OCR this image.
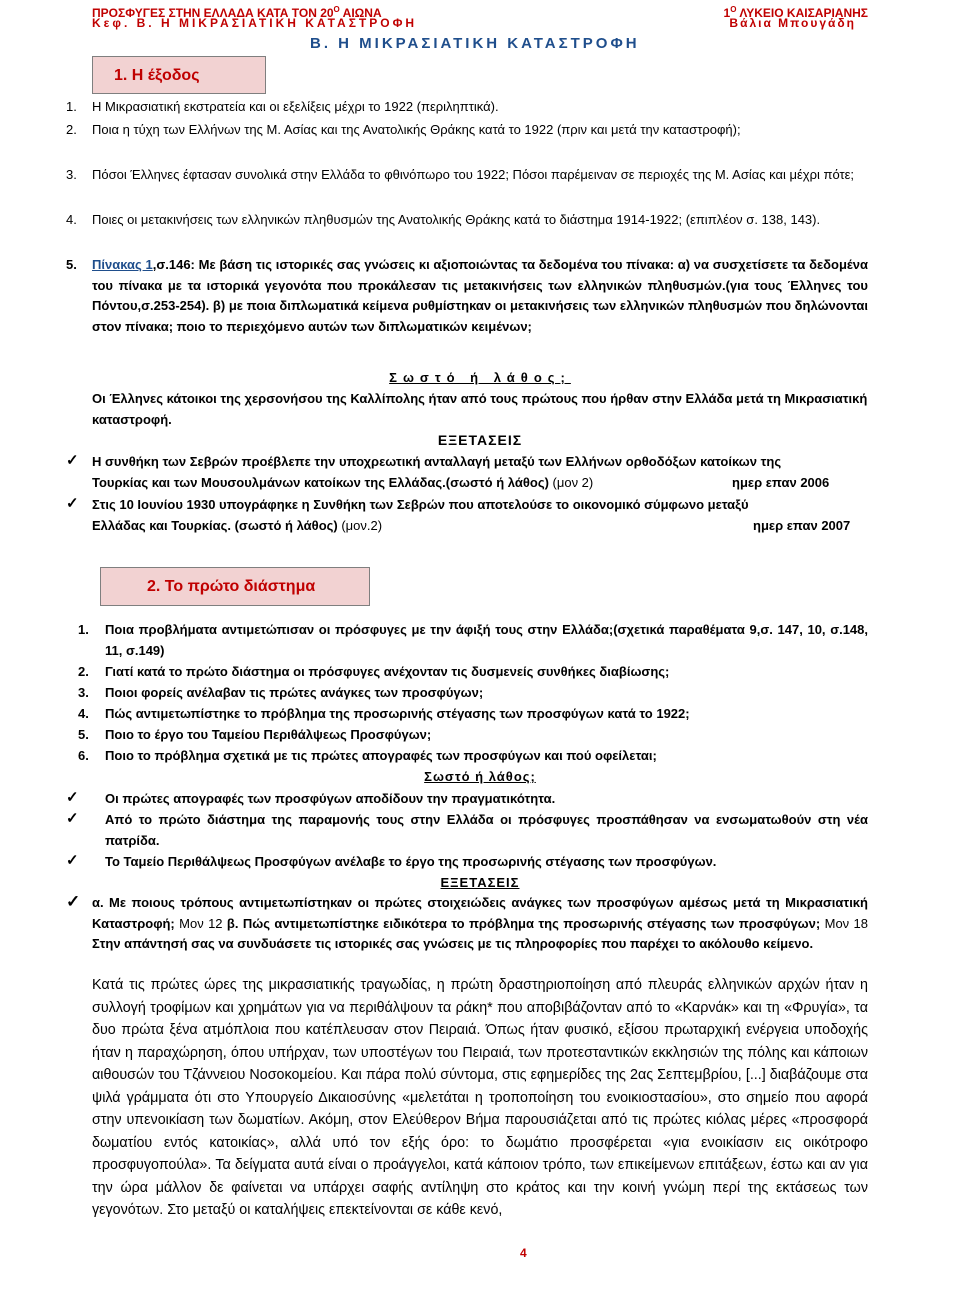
ΠΡΟΣΦΥΓΕΣ ΣΤΗΝ ΕΛΛΑΔΑ ΚΑΤΑ ΤΟΝ $20^O$ ΑΙΩΝΑ
Κεφ. Β. Η ΜΙΚΡΑΣΙΑΤΙΚΗ ΚΑΤΑΣΤΡΟΦΗ
$1^O$ ΛΥΚΕΙΟ ΚΑΙΣΑΡΙΑΝΗΣ
Βάλια Μπουγάδη
Β. Η ΜΙΚΡΑΣΙΑΤΙΚΗ ΚΑΤΑΣΤΡΟΦΗ
1. Η έξοδος
1.	Η Μικρασιατική εκστρατεία και οι εξελίξεις μέχρι το 1922 (περιληπτικά).
2.	Ποια η τύχη των Ελλήνων της Μ. Ασίας και της Ανατολικής Θράκης κατά το 1922 (πριν και μετά την καταστροφή);
3.	Πόσοι Έλληνες έφτασαν συνολικά στην Ελλάδα το φθινόπωρο του 1922; Πόσοι παρέμειναν σε περιοχές της Μ. Ασίας και μέχρι πότε;
4.	Ποιες οι μετακινήσεις των ελληνικών πληθυσμών της Ανατολικής Θράκης κατά το διάστημα 1914-1922; (επιπλέον σ. 138, 143).
5.	Πίνακας 1,σ.146: Με βάση τις ιστορικές σας γνώσεις κι αξιοποιώντας τα δεδομένα του πίνακα: α) να συσχετίσετε τα δεδομένα του πίνακα με τα ιστορικά γεγονότα που προκάλεσαν τις μετακινήσεις των ελληνικών πληθυσμών.(για τους Έλληνες του Πόντου,σ.253-254). β) με ποια διπλωματικά κείμενα ρυθμίστηκαν οι μετακινήσεις των ελληνικών πληθυσμών που δηλώνονται στον πίνακα; ποιο το περιεχόμενο αυτών των διπλωματικών κειμένων;
Σωστό ή λάθος;
Οι Έλληνες κάτοικοι της χερσονήσου της Καλλίπολης ήταν από τους πρώτους που ήρθαν στην Ελλάδα μετά τη Μικρασιατική καταστροφή.
ΕΞΕΤΑΣΕΙΣ
✓ Η συνθήκη των Σεβρών προέβλεπε την υποχρεωτική ανταλλαγή μεταξύ των Ελλήνων ορθοδόξων κατοίκων της
Τουρκίας και των Μουσουλμάνων κατοίκων της Ελλάδας.(σωστό ή λάθος) (μον 2)	ημερ επαν 2006
✓ Στις 10 Ιουνίου 1930 υπογράφηκε η Συνθήκη των Σεβρών που αποτελούσε το οικονομικό σύμφωνο μεταξύ
Ελλάδας και Τουρκίας. (σωστό ή λάθος) (μον.2)	ημερ επαν 2007
2. Το πρώτο διάστημα
1.	Ποια προβλήματα αντιμετώπισαν οι πρόσφυγες με την άφιξή τους στην Ελλάδα;(σχετικά παραθέματα 9,σ. 147, 10, σ.148, 11, σ.149)
2.	Γιατί κατά το πρώτο διάστημα οι πρόσφυγες ανέχονταν τις δυσμενείς συνθήκες διαβίωσης;
3.	Ποιοι φορείς ανέλαβαν τις πρώτες ανάγκες των προσφύγων;
4.	Πώς αντιμετωπίστηκε το πρόβλημα της προσωρινής στέγασης των προσφύγων κατά το 1922;
5.	Ποιο το έργο του Ταμείου Περιθάλψεως Προσφύγων;
6.	Ποιο το πρόβλημα σχετικά με τις πρώτες απογραφές των προσφύγων και πού οφείλεται;
Σωστό ή λάθος;
✓ Οι πρώτες απογραφές των προσφύγων αποδίδουν την πραγματικότητα.
✓ Από το πρώτο διάστημα της παραμονής τους στην Ελλάδα οι πρόσφυγες προσπάθησαν να ενσωματωθούν στη νέα πατρίδα.
✓ Το Ταμείο Περιθάλψεως Προσφύγων ανέλαβε το έργο της προσωρινής στέγασης των προσφύγων.
ΕΞΕΤΑΣΕΙΣ
✓ α. Με ποιους τρόπους αντιμετωπίστηκαν οι πρώτες στοιχειώδεις ανάγκες των προσφύγων αμέσως μετά τη Μικρασιατική Καταστροφή; Μον 12 β. Πώς αντιμετωπίστηκε ειδικότερα το πρόβλημα της προσωρινής στέγασης των προσφύγων; Μον 18 Στην απάντησή σας να συνδυάσετε τις ιστορικές σας γνώσεις με τις πληροφορίες που παρέχει το ακόλουθο κείμενο.
Κατά τις πρώτες ώρες της μικρασιατικής τραγωδίας, η πρώτη δραστηριοποίηση από πλευράς ελληνικών αρχών ήταν η συλλογή τροφίμων και χρημάτων για να περιθάλψουν τα ράκη* που αποβιβάζονταν από το «Καρνάκ» και τη «Φρυγία», τα δυο πρώτα ξένα ατμόπλοια που κατέπλευσαν στον Πειραιά. Όπως ήταν φυσικό, εξίσου πρωταρχική ενέργεια υποδοχής ήταν η παραχώρηση, όπου υπήρχαν, των υποστέγων του Πειραιά, των προτεσταντικών εκκλησιών της πόλης και κάποιων αιθουσών του Τζάννειου Νοσοκομείου. Και πάρα πολύ σύντομα, στις εφημερίδες της 2ας Σεπτεμβρίου, [...] διαβάζουμε στα ψιλά γράμματα ότι στο Υπουργείο Δικαιοσύνης «μελετάται η τροποποίηση του ενοικιοστασίου», στο σημείο που αφορά στην υπενοικίαση των δωματίων. Ακόμη, στον Ελεύθερον Βήμα παρουσιάζεται από τις πρώτες κιόλας μέρες «προσφορά δωματίου εντός κατοικίας», αλλά υπό τον εξής όρο: το δωμάτιο προσφέρεται «για ενοικίασιν εις οικότροφο προσφυγοπούλα». Τα δείγματα αυτά είναι ο προάγγελοι, κατά κάποιον τρόπο, των επικείμενων επιτάξεων, έστω και αν για την ώρα μάλλον δε φαίνεται να υπάρχει σαφής αντίληψη στο κράτος και την κοινή γνώμη περί της εκτάσεως των γεγονότων. Στο μεταξύ οι καταλήψεις επεκτείνονται σε κάθε κενό,
4
